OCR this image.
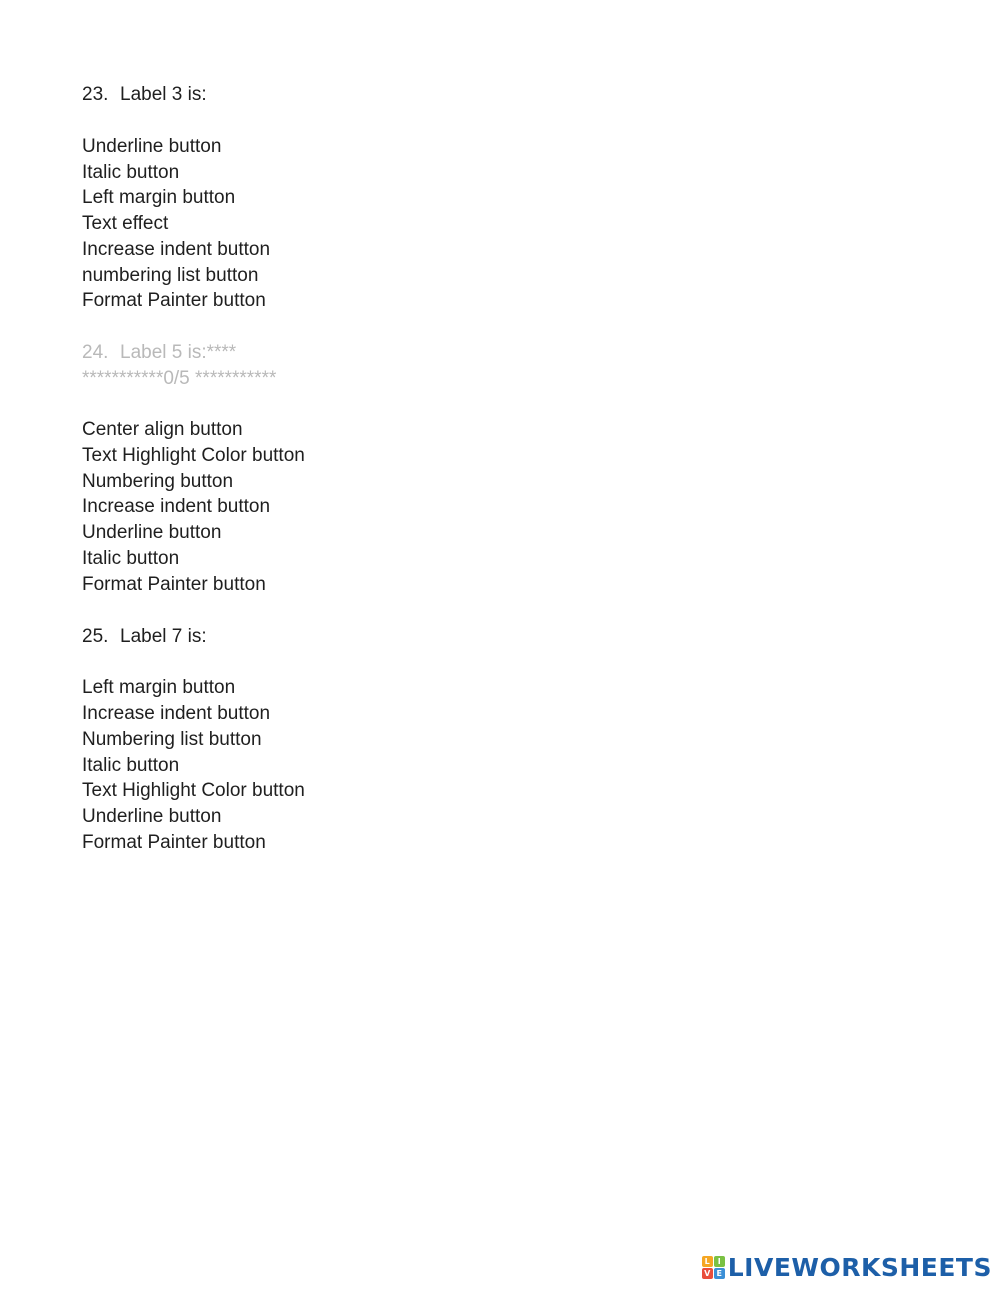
23. Label 3 is:

Underline button
Italic button
Left margin button
Text effect
Increase indent button
numbering list button
Format Painter button

24. Label 5 is:****

***********0/5 ***********
Center align button
Text Highlight Color button
Numbering button
Increase indent button
Underline button
Italic button
Format Painter button

25. Label 7 is:

Left margin button
Increase indent button
Numbering list button
Italic button
Text Highlight Color button
Underline button
Format Painter button
L I
V E LIVEWORKSHEETS
